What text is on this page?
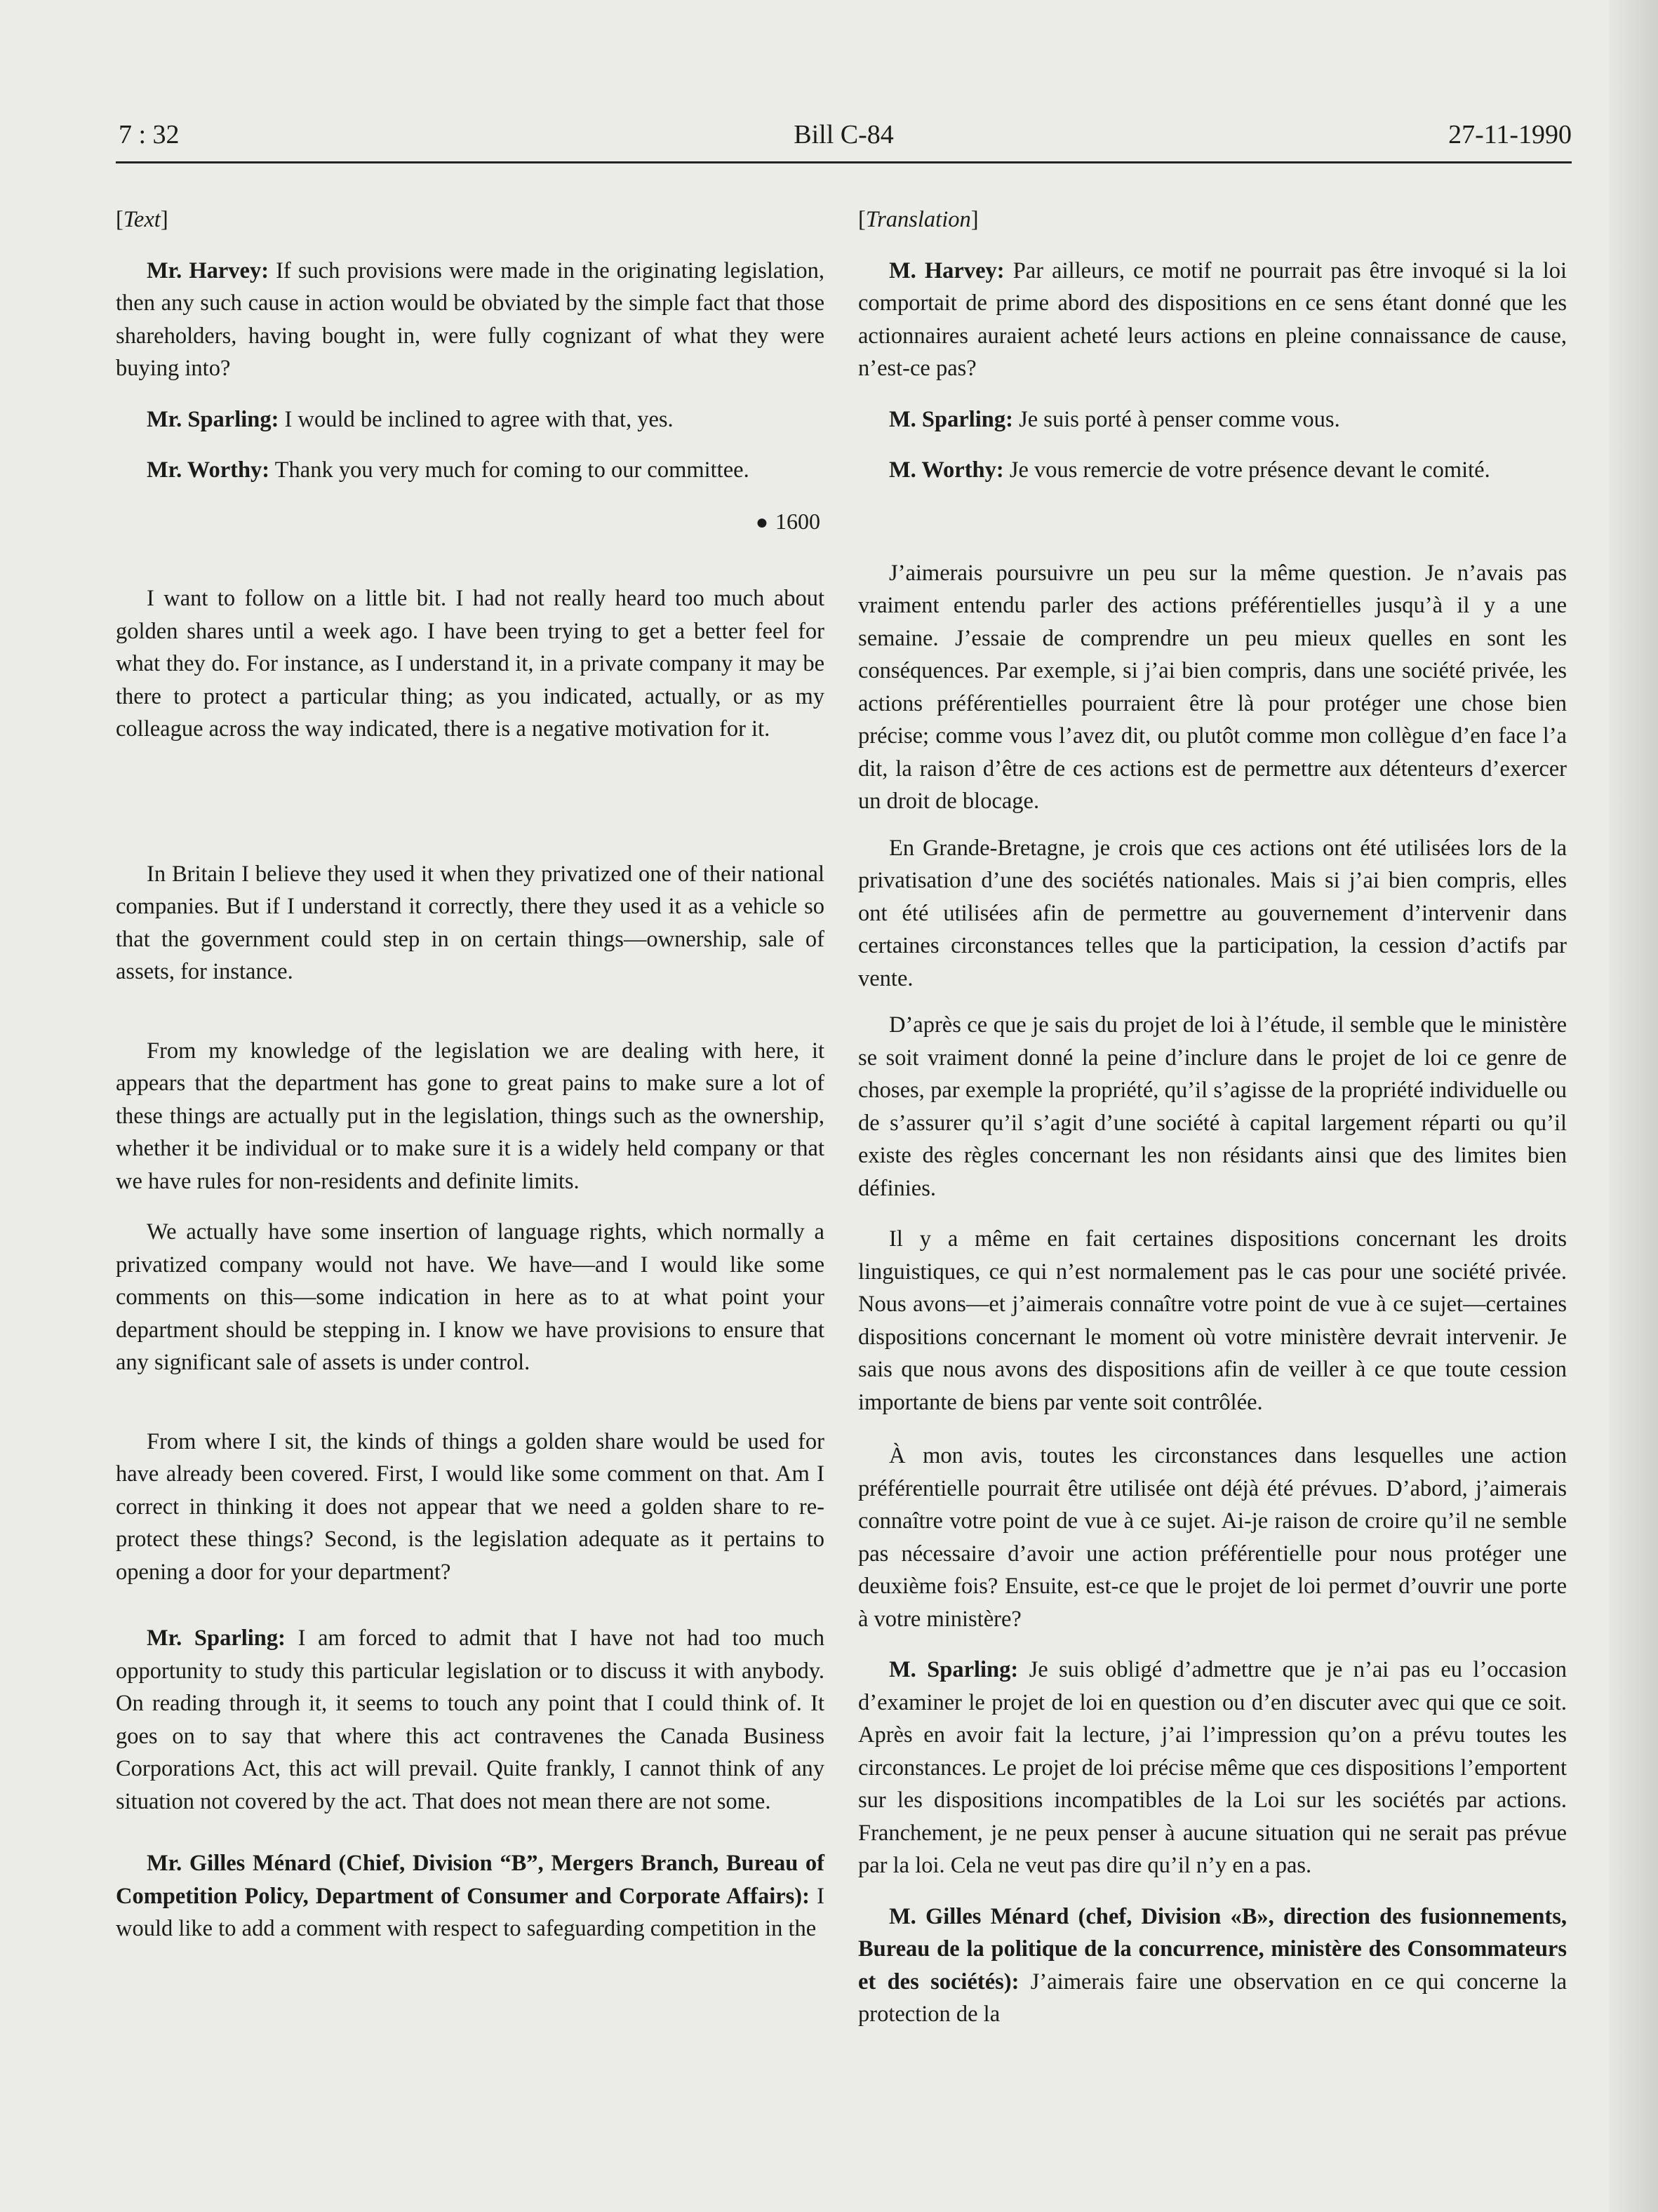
7 : 32	Bill C-84	27-11-1990
[Text]

Mr. Harvey: If such provisions were made in the originating legislation, then any such cause in action would be obviated by the simple fact that those shareholders, having bought in, were fully cognizant of what they were buying into?

Mr. Sparling: I would be inclined to agree with that, yes.

Mr. Worthy: Thank you very much for coming to our committee.

● 1600

I want to follow on a little bit. I had not really heard too much about golden shares until a week ago. I have been trying to get a better feel for what they do. For instance, as I understand it, in a private company it may be there to protect a particular thing; as you indicated, actually, or as my colleague across the way indicated, there is a negative motivation for it.

In Britain I believe they used it when they privatized one of their national companies. But if I understand it correctly, there they used it as a vehicle so that the government could step in on certain things—ownership, sale of assets, for instance.

From my knowledge of the legislation we are dealing with here, it appears that the department has gone to great pains to make sure a lot of these things are actually put in the legislation, things such as the ownership, whether it be individual or to make sure it is a widely held company or that we have rules for non-residents and definite limits.

We actually have some insertion of language rights, which normally a privatized company would not have. We have—and I would like some comments on this—some indication in here as to at what point your department should be stepping in. I know we have provisions to ensure that any significant sale of assets is under control.

From where I sit, the kinds of things a golden share would be used for have already been covered. First, I would like some comment on that. Am I correct in thinking it does not appear that we need a golden share to re-protect these things? Second, is the legislation adequate as it pertains to opening a door for your department?

Mr. Sparling: I am forced to admit that I have not had too much opportunity to study this particular legislation or to discuss it with anybody. On reading through it, it seems to touch any point that I could think of. It goes on to say that where this act contravenes the Canada Business Corporations Act, this act will prevail. Quite frankly, I cannot think of any situation not covered by the act. That does not mean there are not some.

Mr. Gilles Ménard (Chief, Division “B”, Mergers Branch, Bureau of Competition Policy, Department of Consumer and Corporate Affairs): I would like to add a comment with respect to safeguarding competition in the

[Translation]

M. Harvey: Par ailleurs, ce motif ne pourrait pas être invoqué si la loi comportait de prime abord des dispositions en ce sens étant donné que les actionnaires auraient acheté leurs actions en pleine connaissance de cause, n’est-ce pas?

M. Sparling: Je suis porté à penser comme vous.

M. Worthy: Je vous remercie de votre présence devant le comité.

J’aimerais poursuivre un peu sur la même question. Je n’avais pas vraiment entendu parler des actions préférentielles jusqu’à il y a une semaine. J’essaie de comprendre un peu mieux quelles en sont les conséquences. Par exemple, si j’ai bien compris, dans une société privée, les actions préférentielles pourraient être là pour protéger une chose bien précise; comme vous l’avez dit, ou plutôt comme mon collègue d’en face l’a dit, la raison d’être de ces actions est de permettre aux détenteurs d’exercer un droit de blocage.

En Grande-Bretagne, je crois que ces actions ont été utilisées lors de la privatisation d’une des sociétés nationales. Mais si j’ai bien compris, elles ont été utilisées afin de permettre au gouvernement d’intervenir dans certaines circonstances telles que la participation, la cession d’actifs par vente.

D’après ce que je sais du projet de loi à l’étude, il semble que le ministère se soit vraiment donné la peine d’inclure dans le projet de loi ce genre de choses, par exemple la propriété, qu’il s’agisse de la propriété individuelle ou de s’assurer qu’il s’agit d’une société à capital largement réparti ou qu’il existe des règles concernant les non résidants ainsi que des limites bien définies.

Il y a même en fait certaines dispositions concernant les droits linguistiques, ce qui n’est normalement pas le cas pour une société privée. Nous avons—et j’aimerais connaître votre point de vue à ce sujet—certaines dispositions concernant le moment où votre ministère devrait intervenir. Je sais que nous avons des dispositions afin de veiller à ce que toute cession importante de biens par vente soit contrôlée.

À mon avis, toutes les circonstances dans lesquelles une action préférentielle pourrait être utilisée ont déjà été prévues. D’abord, j’aimerais connaître votre point de vue à ce sujet. Ai-je raison de croire qu’il ne semble pas nécessaire d’avoir une action préférentielle pour nous protéger une deuxième fois? Ensuite, est-ce que le projet de loi permet d’ouvrir une porte à votre ministère?

M. Sparling: Je suis obligé d’admettre que je n’ai pas eu l’occasion d’examiner le projet de loi en question ou d’en discuter avec qui que ce soit. Après en avoir fait la lecture, j’ai l’impression qu’on a prévu toutes les circonstances. Le projet de loi précise même que ces dispositions l’emportent sur les dispositions incompatibles de la Loi sur les sociétés par actions. Franchement, je ne peux penser à aucune situation qui ne serait pas prévue par la loi. Cela ne veut pas dire qu’il n’y en a pas.

M. Gilles Ménard (chef, Division «B», direction des fusionnements, Bureau de la politique de la concurrence, ministère des Consommateurs et des sociétés): J’aimerais faire une observation en ce qui concerne la protection de la
